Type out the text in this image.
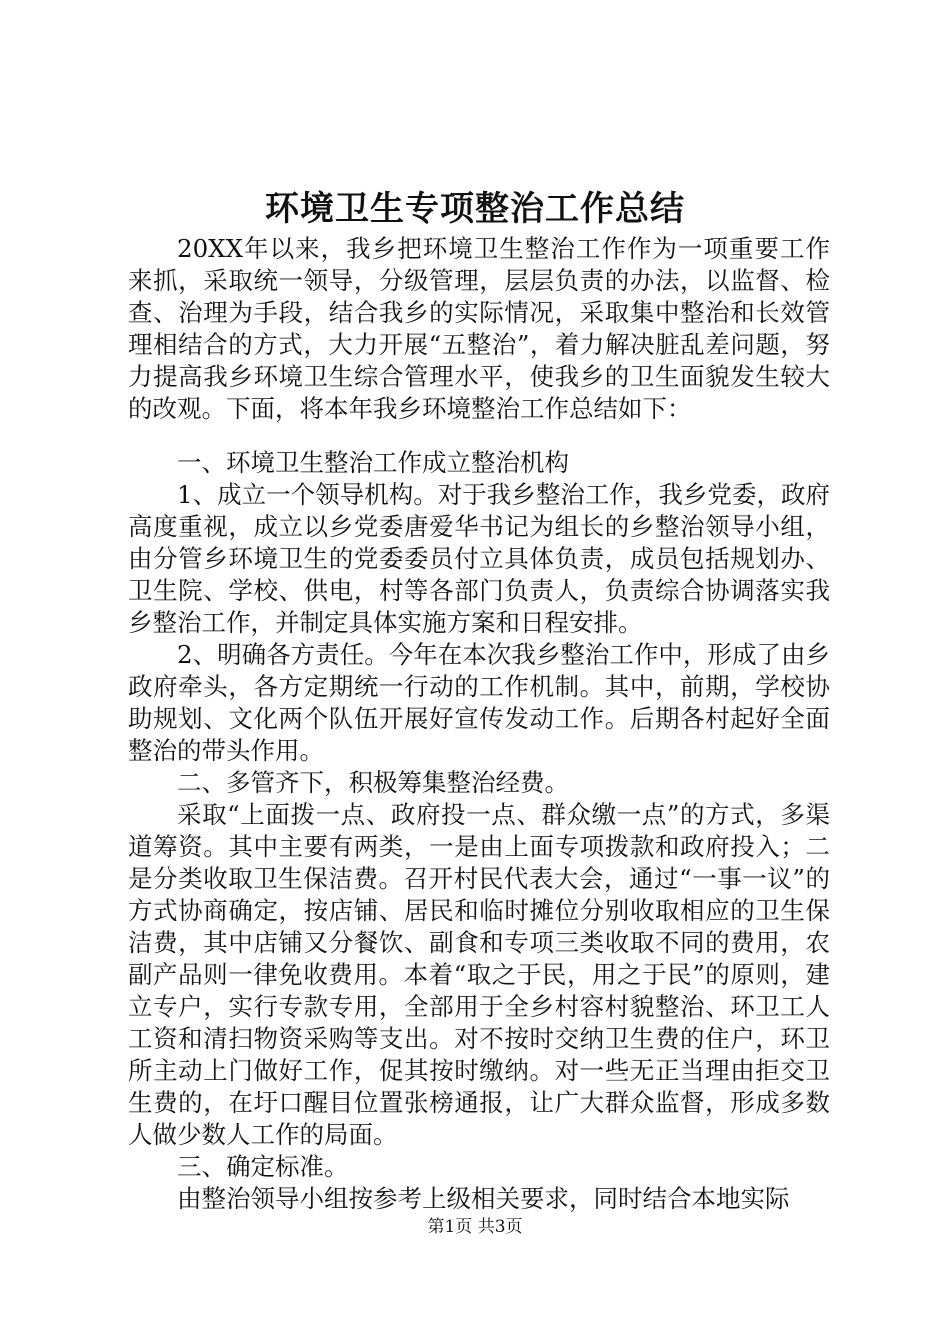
环境卫生专项整治工作总结

20XX年以来，我乡把环境卫生整治工作作为一项重要工作来抓，采取统一领导，分级管理，层层负责的办法，以监督、检查、治理为手段，结合我乡的实际情况，采取集中整治和长效管理相结合的方式，大力开展“五整治”，着力解决脏乱差问题，努力提高我乡环境卫生综合管理水平，使我乡的卫生面貌发生较大的改观。下面，将本年我乡环境整治工作总结如下：

一、环境卫生整治工作成立整治机构

1、成立一个领导机构。对于我乡整治工作，我乡党委，政府高度重视，成立以乡党委唐爱华书记为组长的乡整治领导小组，由分管乡环境卫生的党委委员付立具体负责，成员包括规划办、卫生院、学校、供电，村等各部门负责人，负责综合协调落实我乡整治工作，并制定具体实施方案和日程安排。

2、明确各方责任。今年在本次我乡整治工作中，形成了由乡政府牵头，各方定期统一行动的工作机制。其中，前期，学校协助规划、文化两个队伍开展好宣传发动工作。后期各村起好全面整治的带头作用。

二、多管齐下，积极筹集整治经费。

采取“上面拨一点、政府投一点、群众缴一点”的方式，多渠道筹资。其中主要有两类，一是由上面专项拨款和政府投入；二是分类收取卫生保洁费。召开村民代表大会，通过“一事一议”的方式协商确定，按店铺、居民和临时摊位分别收取相应的卫生保洁费，其中店铺又分餐饮、副食和专项三类收取不同的费用，农副产品则一律免收费用。本着“取之于民，用之于民”的原则，建立专户，实行专款专用，全部用于全乡村容村貌整治、环卫工人工资和清扫物资采购等支出。对不按时交纳卫生费的住户，环卫所主动上门做好工作，促其按时缴纳。对一些无正当理由拒交卫生费的，在圩口醒目位置张榜通报，让广大群众监督，形成多数人做少数人工作的局面。

三、确定标准。

由整治领导小组按参考上级相关要求，同时结合本地实际

第1页 共3页
